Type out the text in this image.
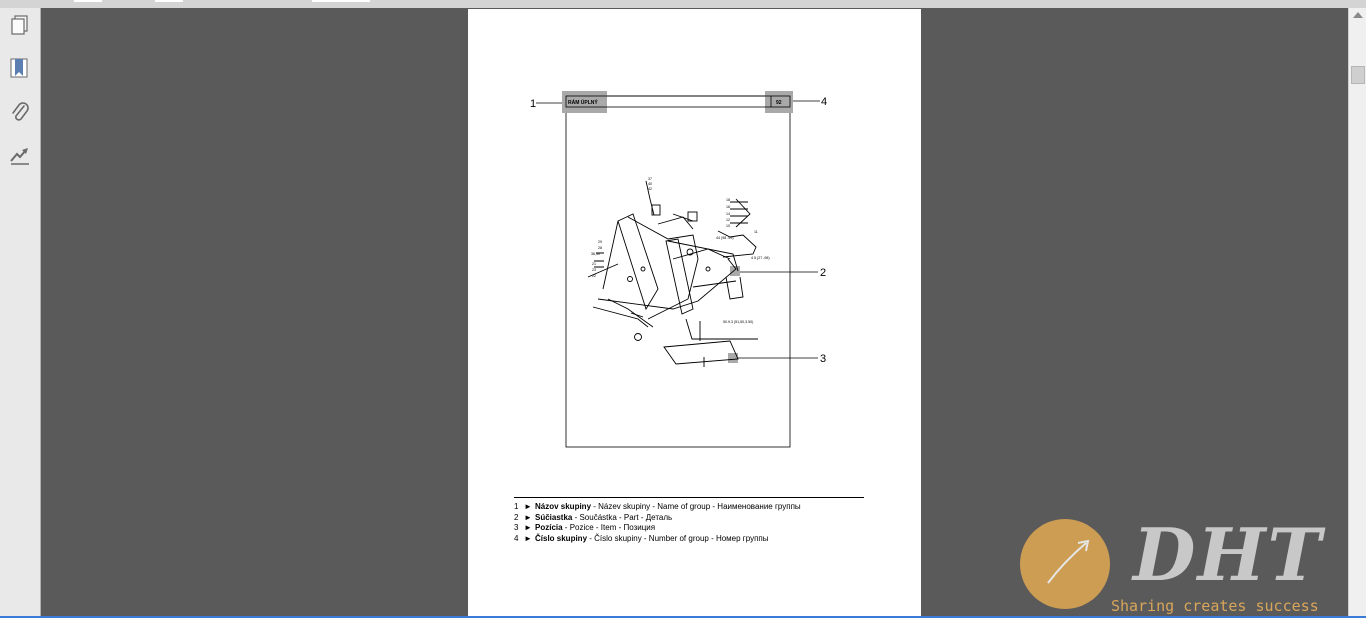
RÁM ÚPLNÝ	92
1	4
2
3
37
40
42
18
16
14
12
10
11
44 (98 -99)
4.5 (27 -98)
50.9.3 (51,50,3.50)
29
28
36,40
21
23
22
1 ► Názov skupiny - Název skupiny - Name of group - Наименование группы
2 ► Súčiastka - Součástka - Part - Деталь
3 ► Pozícia - Pozice - Item - Позиция
4 ► Číslo skupiny - Číslo skupiny - Number of group - Номер группы	DHT
Sharing creates success
